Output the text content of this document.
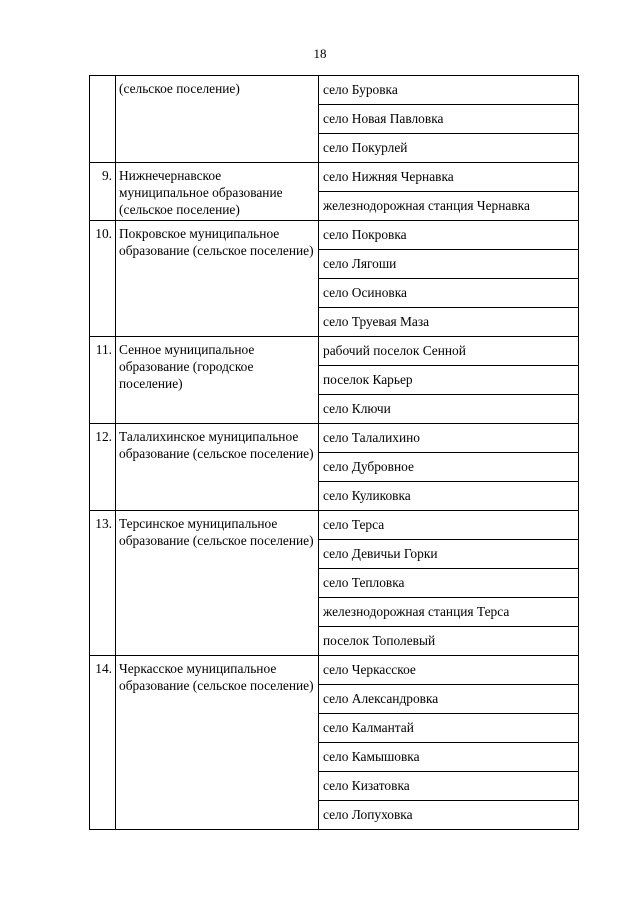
18
	(сельское поселение)	село Буровка

		село Новая Павловка

		село Покурлей

9.	Нижнечернавское муниципальное образование (сельское поселение)	село Нижняя Чернавка

		железнодорожная станция Чернавка

10.	Покровское муниципальное образование (сельское поселение)	село Покровка

		село Лягоши

		село Осиновка

		село Труевая Маза

11.	Сенное муниципальное образование (городское поселение)	рабочий поселок Сенной

		поселок Карьер

		село Ключи

12.	Талалихинское муниципальное образование (сельское поселение)	село Талалихино

		село Дубровное

		село Куликовка

13.	Терсинское муниципальное образование (сельское поселение)	село Терса

		село Девичьи Горки

		село Тепловка

		железнодорожная станция Терса

		поселок Тополевый

14.	Черкасское муниципальное образование (сельское поселение)	село Черкасское

		село Александровка

		село Калмантай

		село Камышовка

		село Кизатовка

		село Лопуховка
